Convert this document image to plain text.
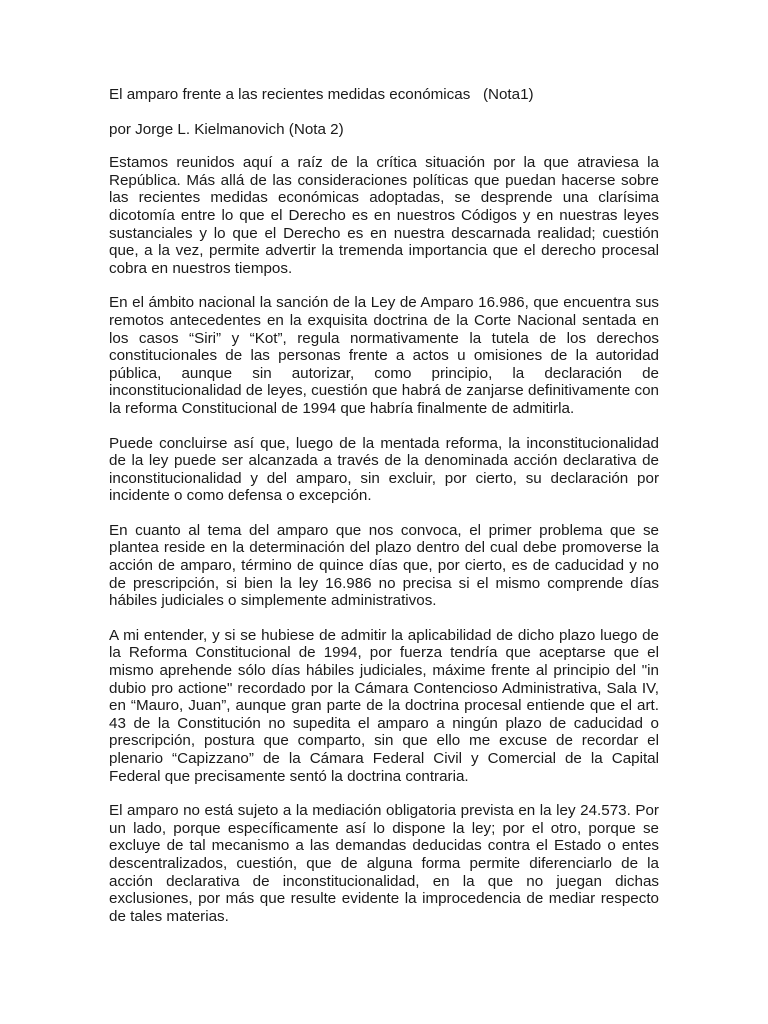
El amparo frente a las recientes medidas económicas   (Nota1)
por Jorge L. Kielmanovich (Nota 2)

Estamos reunidos aquí a raíz de la crítica situación por la que atraviesa la República. Más allá de las consideraciones políticas que puedan hacerse sobre las recientes medidas económicas adoptadas, se desprende una clarísima dicotomía entre lo que el Derecho es en nuestros Códigos y en nuestras leyes sustanciales y lo que el Derecho es en nuestra descarnada realidad; cuestión que, a la vez, permite advertir la tremenda importancia que el derecho procesal cobra en nuestros tiempos.

En el ámbito nacional la sanción de la Ley de Amparo 16.986, que encuentra sus remotos antecedentes en la exquisita doctrina de la Corte Nacional sentada en los casos “Siri” y “Kot”, regula normativamente la tutela de los derechos constitucionales de las personas frente a actos u omisiones de la autoridad pública, aunque sin autorizar, como principio, la declaración de inconstitucionalidad de leyes, cuestión que habrá de zanjarse definitivamente con la reforma Constitucional de 1994 que habría finalmente de admitirla.

Puede concluirse así que, luego de la mentada reforma, la inconstitucionalidad de la ley puede ser alcanzada a través de la denominada acción declarativa de inconstitucionalidad y del amparo, sin excluir, por cierto, su declaración por incidente o como defensa o excepción.

En cuanto al tema del amparo que nos convoca, el primer problema que se plantea reside en la determinación del plazo dentro del cual debe promoverse la acción de amparo, término de quince días que, por cierto, es de caducidad y no de prescripción, si bien la ley 16.986 no precisa si el mismo comprende días hábiles judiciales o simplemente administrativos.

A mi entender, y si se hubiese de admitir la aplicabilidad de dicho plazo luego de la Reforma Constitucional de 1994, por fuerza tendría que aceptarse que el mismo aprehende sólo días hábiles judiciales, máxime frente al principio del "in dubio pro actione" recordado por la Cámara Contencioso Administrativa, Sala IV, en “Mauro, Juan”, aunque gran parte de la doctrina procesal entiende que el art. 43 de la Constitución no supedita el amparo a ningún plazo de caducidad o prescripción, postura que comparto, sin que ello me excuse de recordar el plenario “Capizzano” de la Cámara Federal Civil y Comercial de la Capital Federal que precisamente sentó la doctrina contraria.

El amparo no está sujeto a la mediación obligatoria prevista en la ley 24.573. Por un lado, porque específicamente así lo dispone la ley; por el otro, porque se excluye de tal mecanismo a las demandas deducidas contra el Estado o entes descentralizados, cuestión, que de alguna forma permite diferenciarlo de la acción declarativa de inconstitucionalidad, en la que no juegan dichas exclusiones, por más que resulte evidente la improcedencia de mediar respecto de tales materias.
